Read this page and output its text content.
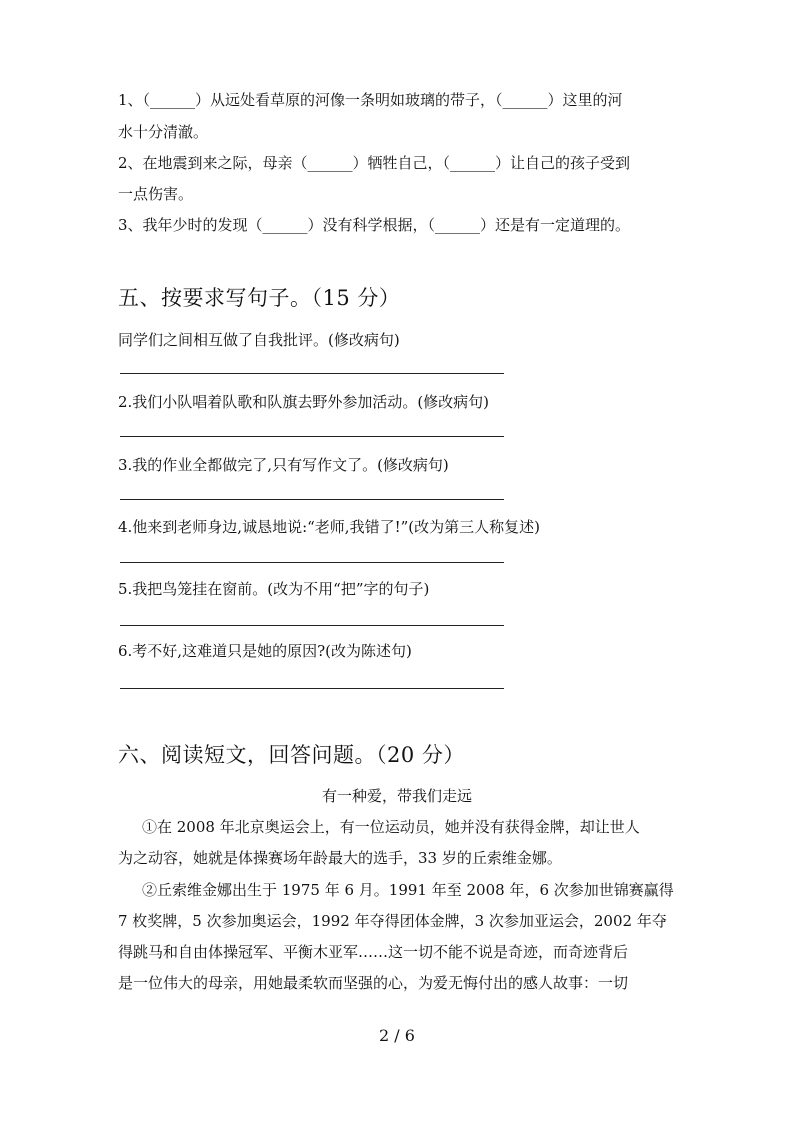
1、（______）从远处看草原的河像一条明如玻璃的带子，（______）这里的河
水十分清澈。
2、在地震到来之际，母亲（______）牺牲自己，（______）让自己的孩子受到
一点伤害。
3、我年少时的发现（______）没有科学根据，（______）还是有一定道理的。
五、按要求写句子。（15 分）
同学们之间相互做了自我批评。(修改病句)
2.我们小队唱着队歌和队旗去野外参加活动。(修改病句)
3.我的作业全都做完了,只有写作文了。(修改病句)
4.他来到老师身边,诚恳地说:“老师,我错了!”(改为第三人称复述)
5.我把鸟笼挂在窗前。(改为不用“把”字的句子)
6.考不好,这难道只是她的原因?(改为陈述句)
六、阅读短文，回答问题。（20 分）
有一种爱，带我们走远
①在 2008 年北京奥运会上，有一位运动员，她并没有获得金牌，却让世人
为之动容，她就是体操赛场年龄最大的选手，33 岁的丘索维金娜。
②丘索维金娜出生于 1975 年 6 月。1991 年至 2008 年，6 次参加世锦赛赢得
7 枚奖牌，5 次参加奥运会，1992 年夺得团体金牌，3 次参加亚运会，2002 年夺
得跳马和自由体操冠军、平衡木亚军……这一切不能不说是奇迹，而奇迹背后
是一位伟大的母亲，用她最柔软而坚强的心，为爱无悔付出的感人故事：一切
2 / 6
